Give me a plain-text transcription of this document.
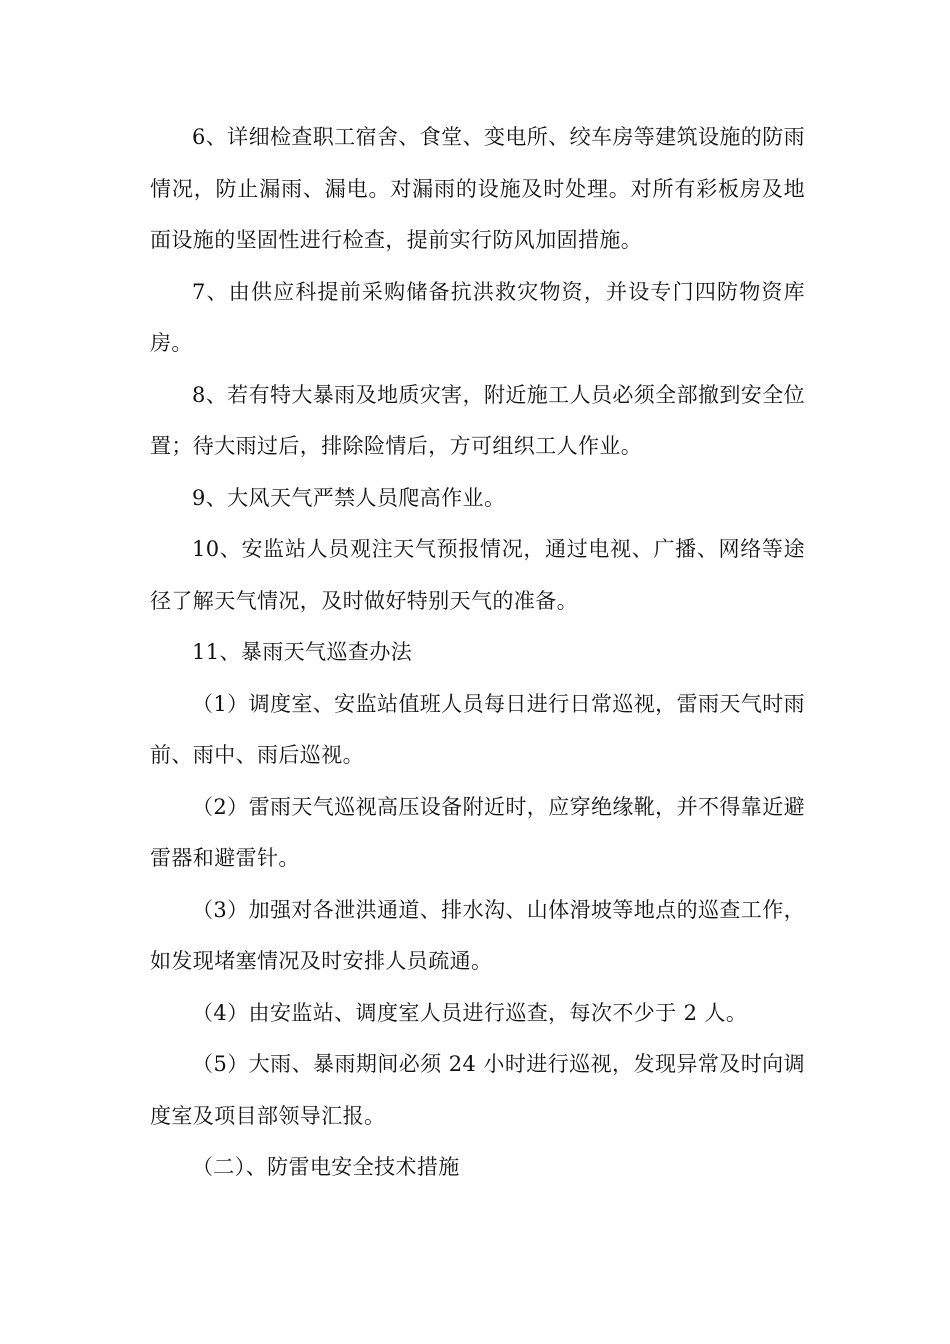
6、详细检查职工宿舍、食堂、变电所、绞车房等建筑设施的防雨情况，防止漏雨、漏电。对漏雨的设施及时处理。对所有彩板房及地面设施的坚固性进行检查，提前实行防风加固措施。

7、由供应科提前采购储备抗洪救灾物资，并设专门四防物资库房。

8、若有特大暴雨及地质灾害，附近施工人员必须全部撤到安全位置；待大雨过后，排除险情后，方可组织工人作业。

9、大风天气严禁人员爬高作业。

10、安监站人员观注天气预报情况，通过电视、广播、网络等途径了解天气情况，及时做好特别天气的准备。

11、暴雨天气巡查办法

（1）调度室、安监站值班人员每日进行日常巡视，雷雨天气时雨前、雨中、雨后巡视。

（2）雷雨天气巡视高压设备附近时，应穿绝缘靴，并不得靠近避雷器和避雷针。

（3）加强对各泄洪通道、排水沟、山体滑坡等地点的巡查工作，如发现堵塞情况及时安排人员疏通。

（4）由安监站、调度室人员进行巡查，每次不少于 2 人。

（5）大雨、暴雨期间必须 24 小时进行巡视，发现异常及时向调度室及项目部领导汇报。

（二）、防雷电安全技术措施
